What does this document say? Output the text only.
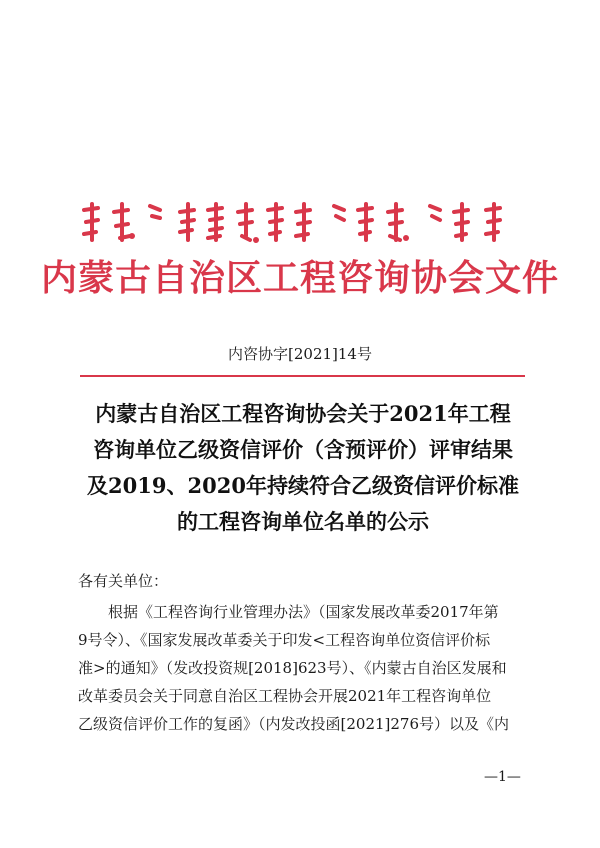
内蒙古自治区工程咨询协会文件
内咨协字[2021]14号
内蒙古自治区工程咨询协会关于2021年工程
咨询单位乙级资信评价（含预评价）评审结果
及2019、2020年持续符合乙级资信评价标准
的工程咨询单位名单的公示
各有关单位：
　　根据《工程咨询行业管理办法》（国家发展改革委2017年第
9号令）、《国家发展改革委关于印发<工程咨询单位资信评价标
准>的通知》（发改投资规[2018]623号）、《内蒙古自治区发展和
改革委员会关于同意自治区工程协会开展2021年工程咨询单位
乙级资信评价工作的复函》（内发改投函[2021]276号）以及《内
—1—
